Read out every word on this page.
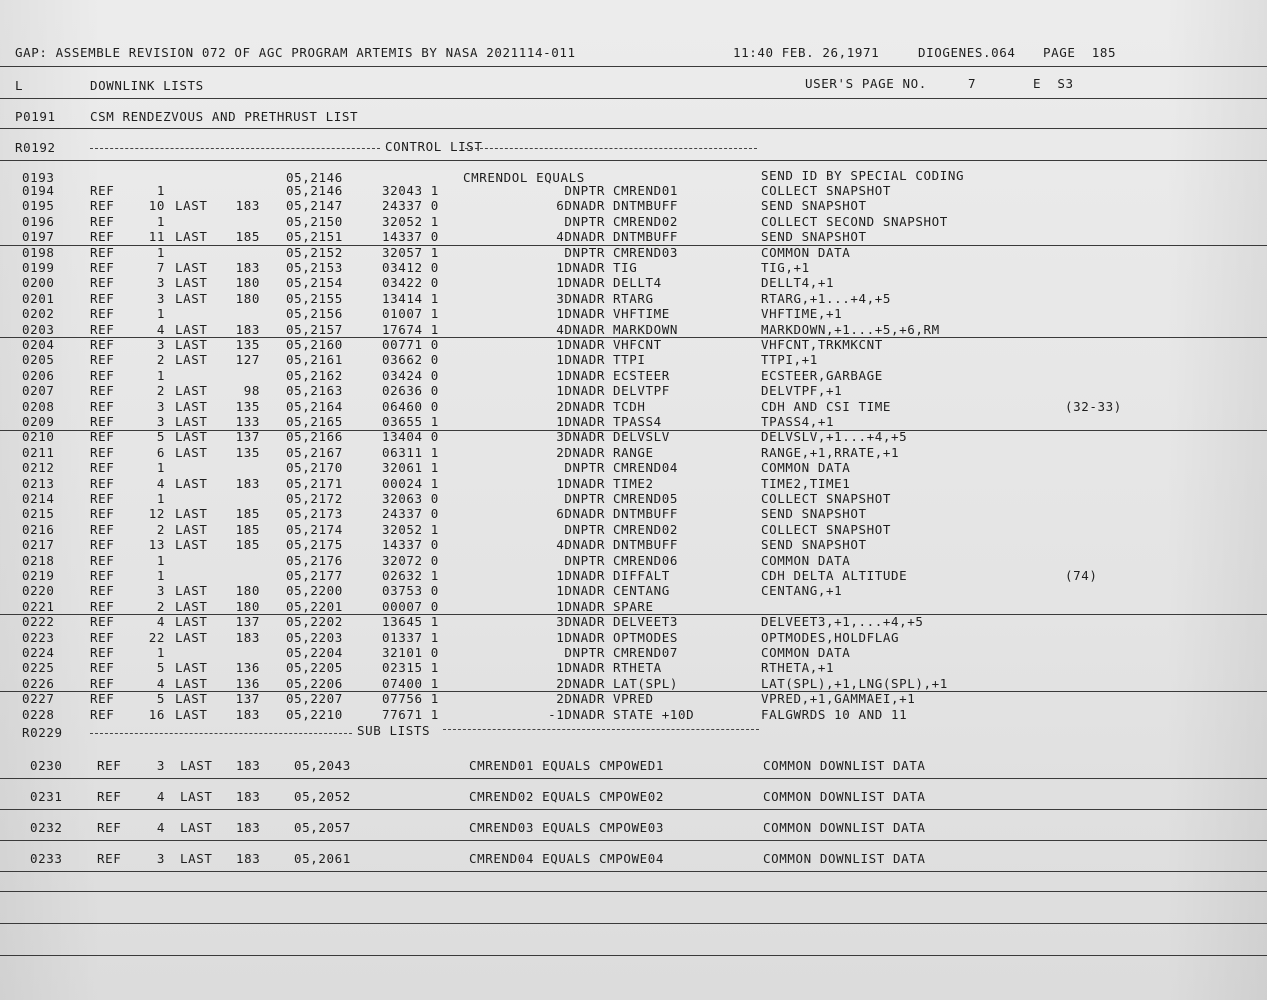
GAP: ASSEMBLE REVISION 072 OF AGC PROGRAM ARTEMIS BY NASA 2021114-011	11:40 FEB. 26,1971	DIOGENES.064 PAGE  185
L	DOWNLINK LISTS	USER'S PAGE NO.	7	E  S3
P0191	CSM RENDEZVOUS AND PRETHRUST LIST
R0192	CONTROL LIST
0193	05,2146	CMRENDOL EQUALS	SEND ID BY SPECIAL CODING
0194	REF	1	05,2146	32043 1	DNPTR CMREND01	COLLECT SNAPSHOT
0195	REF	10 LAST	183 05,2147	24337 0	6DNADR DNTMBUFF	SEND SNAPSHOT
0196	REF	1	05,2150	32052 1	DNPTR CMREND02	COLLECT SECOND SNAPSHOT
0197	REF	11 LAST	185 05,2151	14337 0	4DNADR DNTMBUFF	SEND SNAPSHOT
0198	REF	1	05,2152	32057 1	DNPTR CMREND03	COMMON DATA
0199	REF	7 LAST	183 05,2153	03412 0	1DNADR TIG	TIG,+1
0200	REF	3 LAST	180 05,2154	03422 0	1DNADR DELLT4	DELLT4,+1
0201	REF	3 LAST	180 05,2155	13414 1	3DNADR RTARG	RTARG,+1...+4,+5
0202	REF	1	05,2156	01007 1	1DNADR VHFTIME	VHFTIME,+1
0203	REF	4 LAST	183 05,2157	17674 1	4DNADR MARKDOWN	MARKDOWN,+1...+5,+6,RM
0204	REF	3 LAST	135 05,2160	00771 0	1DNADR VHFCNT	VHFCNT,TRKMKCNT
0205	REF	2 LAST	127 05,2161	03662 0	1DNADR TTPI	TTPI,+1
0206	REF	1	05,2162	03424 0	1DNADR ECSTEER	ECSTEER,GARBAGE
0207	REF	2 LAST	98 05,2163	02636 0	1DNADR DELVTPF	DELVTPF,+1
0208	REF	3 LAST	135 05,2164	06460 0	2DNADR TCDH	CDH AND CSI TIME	(32-33)
0209	REF	3 LAST	133 05,2165	03655 1	1DNADR TPASS4	TPASS4,+1
0210	REF	5 LAST	137 05,2166	13404 0	3DNADR DELVSLV	DELVSLV,+1...+4,+5
0211	REF	6 LAST	135 05,2167	06311 1	2DNADR RANGE	RANGE,+1,RRATE,+1
0212	REF	1	05,2170	32061 1	DNPTR CMREND04	COMMON DATA
0213	REF	4 LAST	183 05,2171	00024 1	1DNADR TIME2	TIME2,TIME1
0214	REF	1	05,2172	32063 0	DNPTR CMREND05	COLLECT SNAPSHOT
0215	REF	12 LAST	185 05,2173	24337 0	6DNADR DNTMBUFF	SEND SNAPSHOT
0216	REF	2 LAST	185 05,2174	32052 1	DNPTR CMREND02	COLLECT SNAPSHOT
0217	REF	13 LAST	185 05,2175	14337 0	4DNADR DNTMBUFF	SEND SNAPSHOT
0218	REF	1	05,2176	32072 0	DNPTR CMREND06	COMMON DATA
0219	REF	1	05,2177	02632 1	1DNADR DIFFALT	CDH DELTA ALTITUDE	(74)
0220	REF	3 LAST	180 05,2200	03753 0	1DNADR CENTANG	CENTANG,+1
0221	REF	2 LAST	180 05,2201	00007 0	1DNADR SPARE
0222	REF	4 LAST	137 05,2202	13645 1	3DNADR DELVEET3	DELVEET3,+1,...+4,+5
0223	REF	22 LAST	183 05,2203	01337 1	1DNADR OPTMODES	OPTMODES,HOLDFLAG
0224	REF	1	05,2204	32101 0	DNPTR CMREND07	COMMON DATA
0225	REF	5 LAST	136 05,2205	02315 1	1DNADR RTHETA	RTHETA,+1
0226	REF	4 LAST	136 05,2206	07400 1	2DNADR LAT(SPL)	LAT(SPL),+1,LNG(SPL),+1
0227	REF	5 LAST	137 05,2207	07756 1	2DNADR VPRED	VPRED,+1,GAMMAEI,+1
0228	REF	16 LAST	183 05,2210	77671 1	-1DNADR STATE +10D	FALGWRDS 10 AND 11
R0229	SUB LISTS
0230	REF	3 LAST 183	05,2043	CMREND01 EQUALS CMPOWED1	COMMON DOWNLIST DATA
0231	REF	4 LAST 183	05,2052	CMREND02 EQUALS CMPOWE02	COMMON DOWNLIST DATA
0232	REF	4 LAST 183	05,2057	CMREND03 EQUALS CMPOWE03	COMMON DOWNLIST DATA
0233	REF	3 LAST 183	05,2061	CMREND04 EQUALS CMPOWE04	COMMON DOWNLIST DATA
